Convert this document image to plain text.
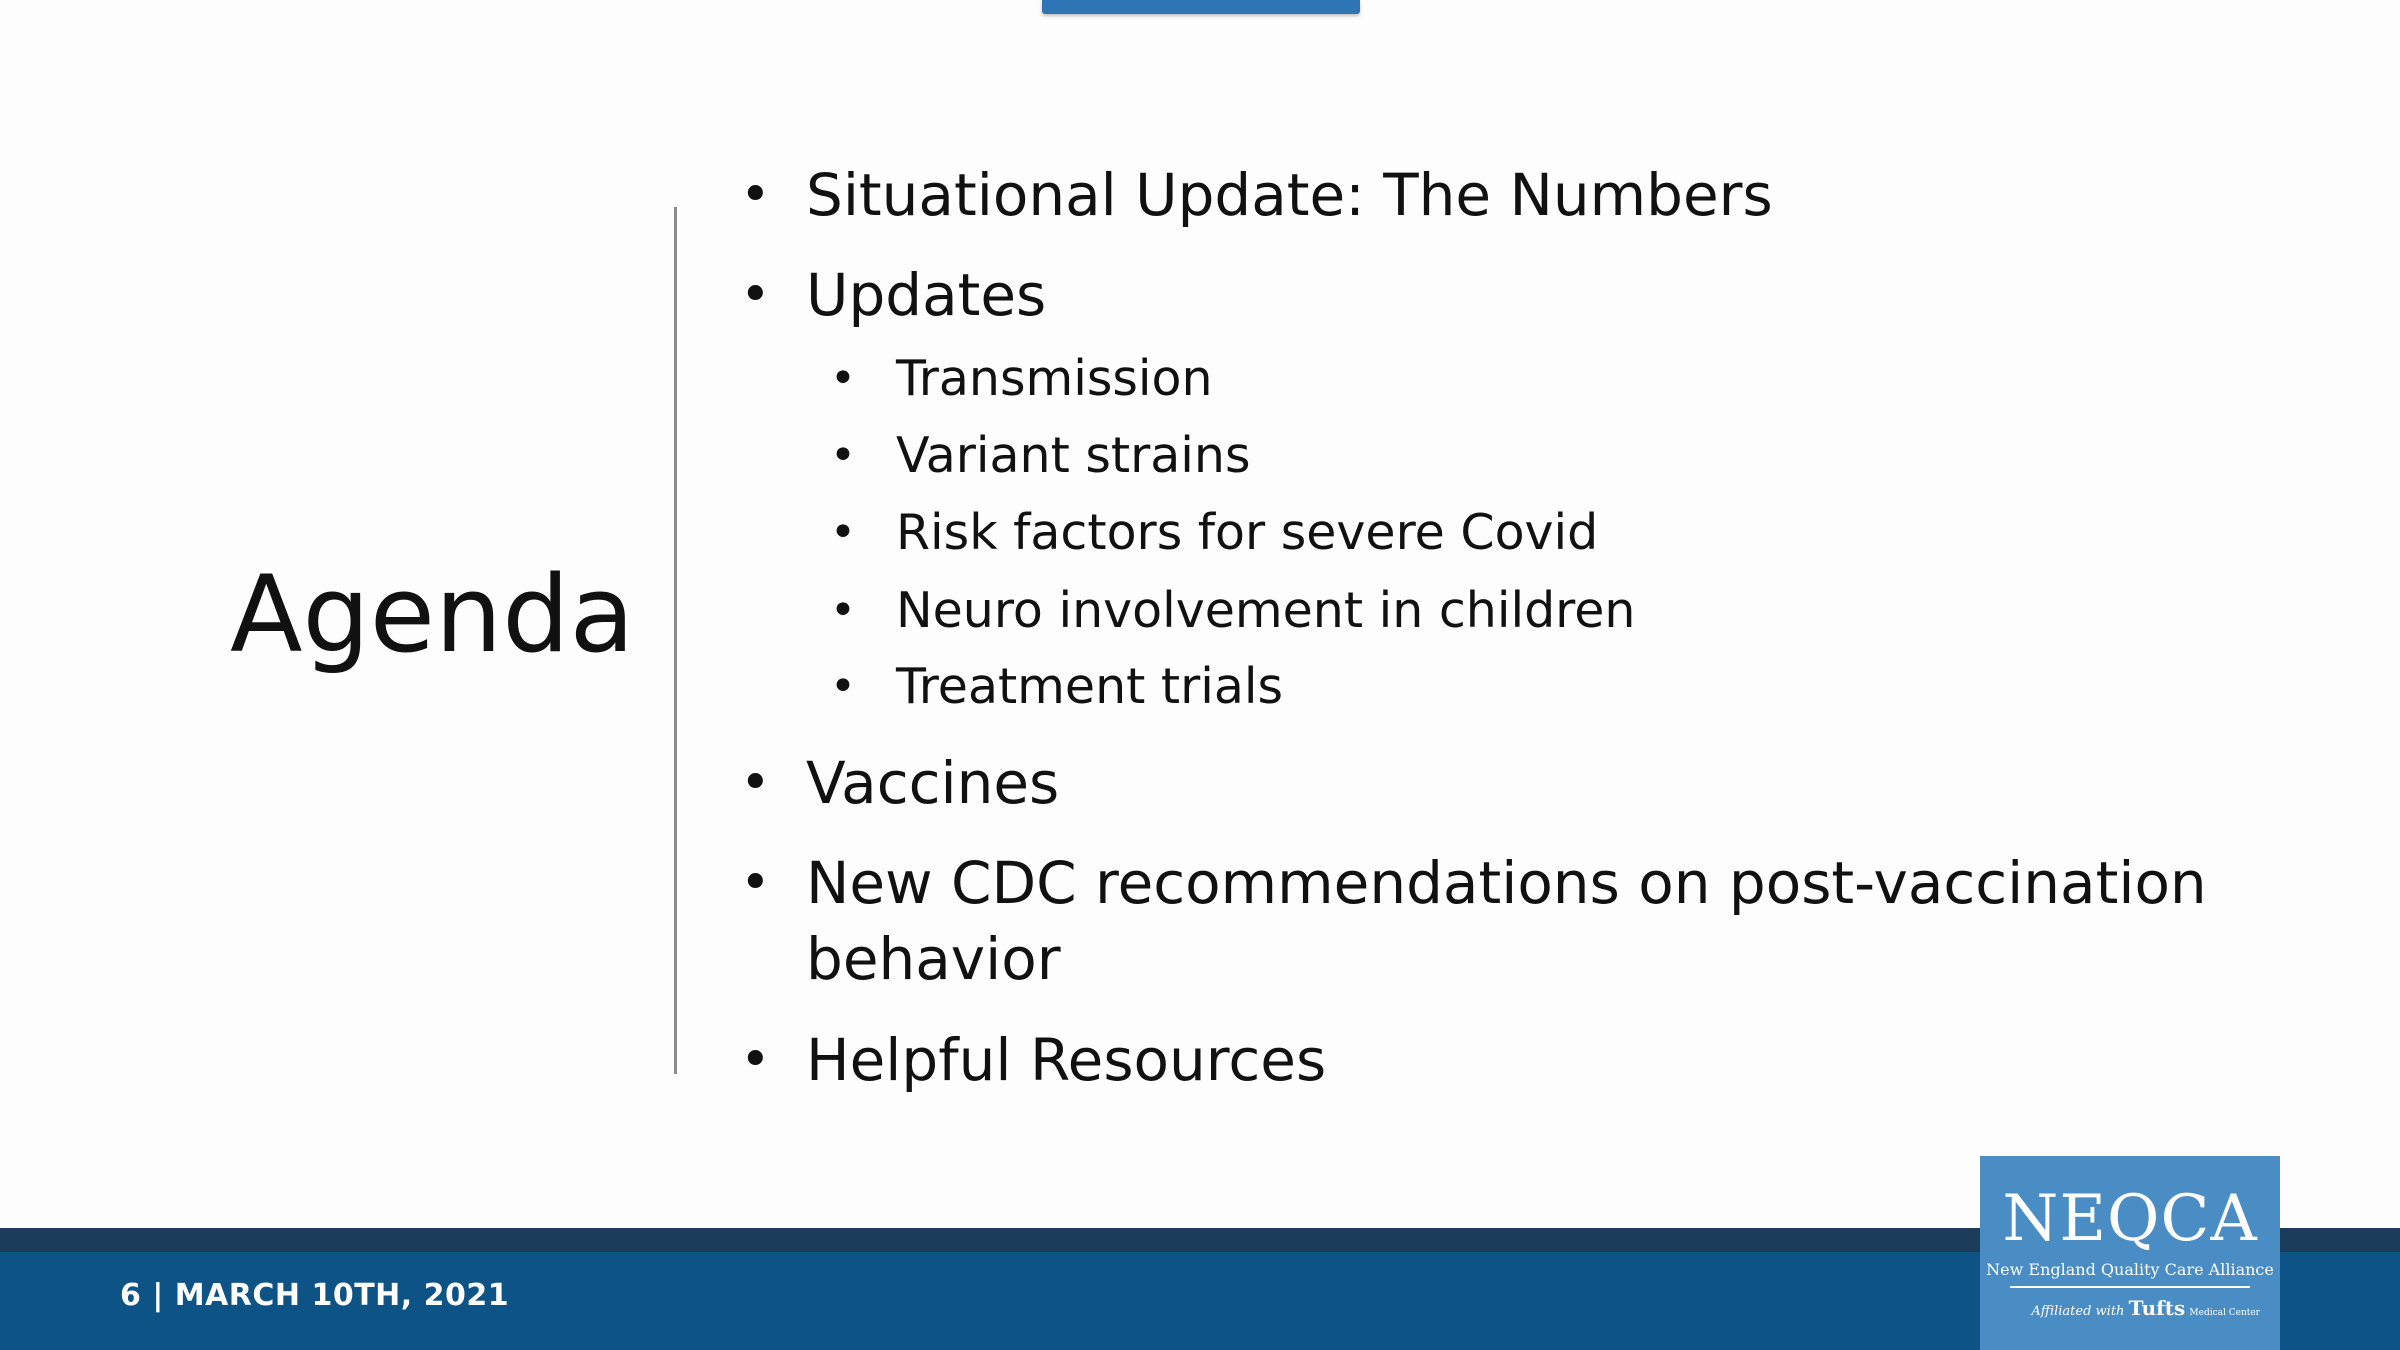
Agenda
• Situational Update: The Numbers
• Updates
• Transmission
• Variant strains
• Risk factors for severe Covid
• Neuro involvement in children
• Treatment trials
• Vaccines
• New CDC recommendations on post-vaccination
behavior
• Helpful Resources
6 | MARCH 10TH, 2021
NEQCA
New England Quality Care Alliance
Affiliated with Tufts Medical Center
